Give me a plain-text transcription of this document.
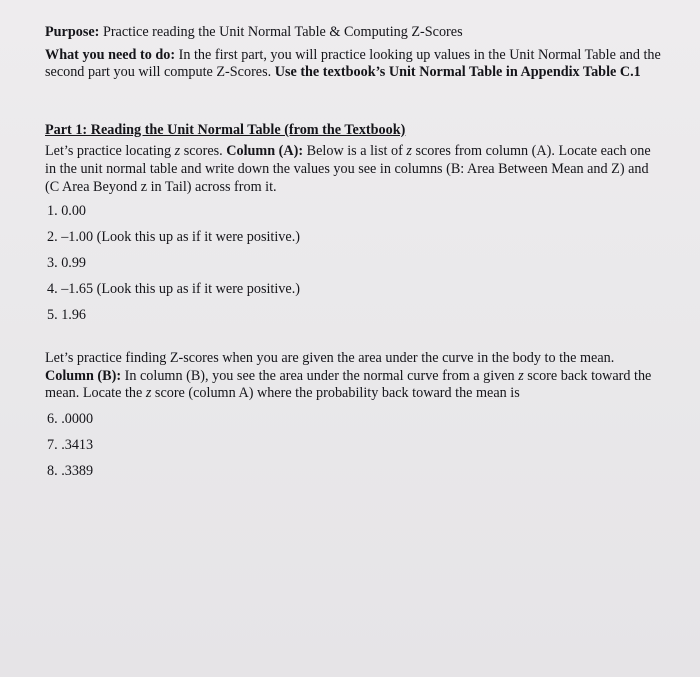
Purpose: Practice reading the Unit Normal Table & Computing Z-Scores

What you need to do: In the first part, you will practice looking up values in the Unit Normal Table and the second part you will compute Z-Scores. Use the textbook’s Unit Normal Table in Appendix Table C.1

Part 1: Reading the Unit Normal Table (from the Textbook)

Let’s practice locating z scores. Column (A): Below is a list of z scores from column (A). Locate each one in the unit normal table and write down the values you see in columns (B: Area Between Mean and Z) and (C Area Beyond z in Tail) across from it.

1. 0.00
2. –1.00 (Look this up as if it were positive.)
3. 0.99
4. –1.65 (Look this up as if it were positive.)
5. 1.96

Let’s practice finding Z-scores when you are given the area under the curve in the body to the mean. Column (B): In column (B), you see the area under the normal curve from a given z score back toward the mean. Locate the z score (column A) where the probability back toward the mean is

6. .0000
7. .3413
8. .3389
